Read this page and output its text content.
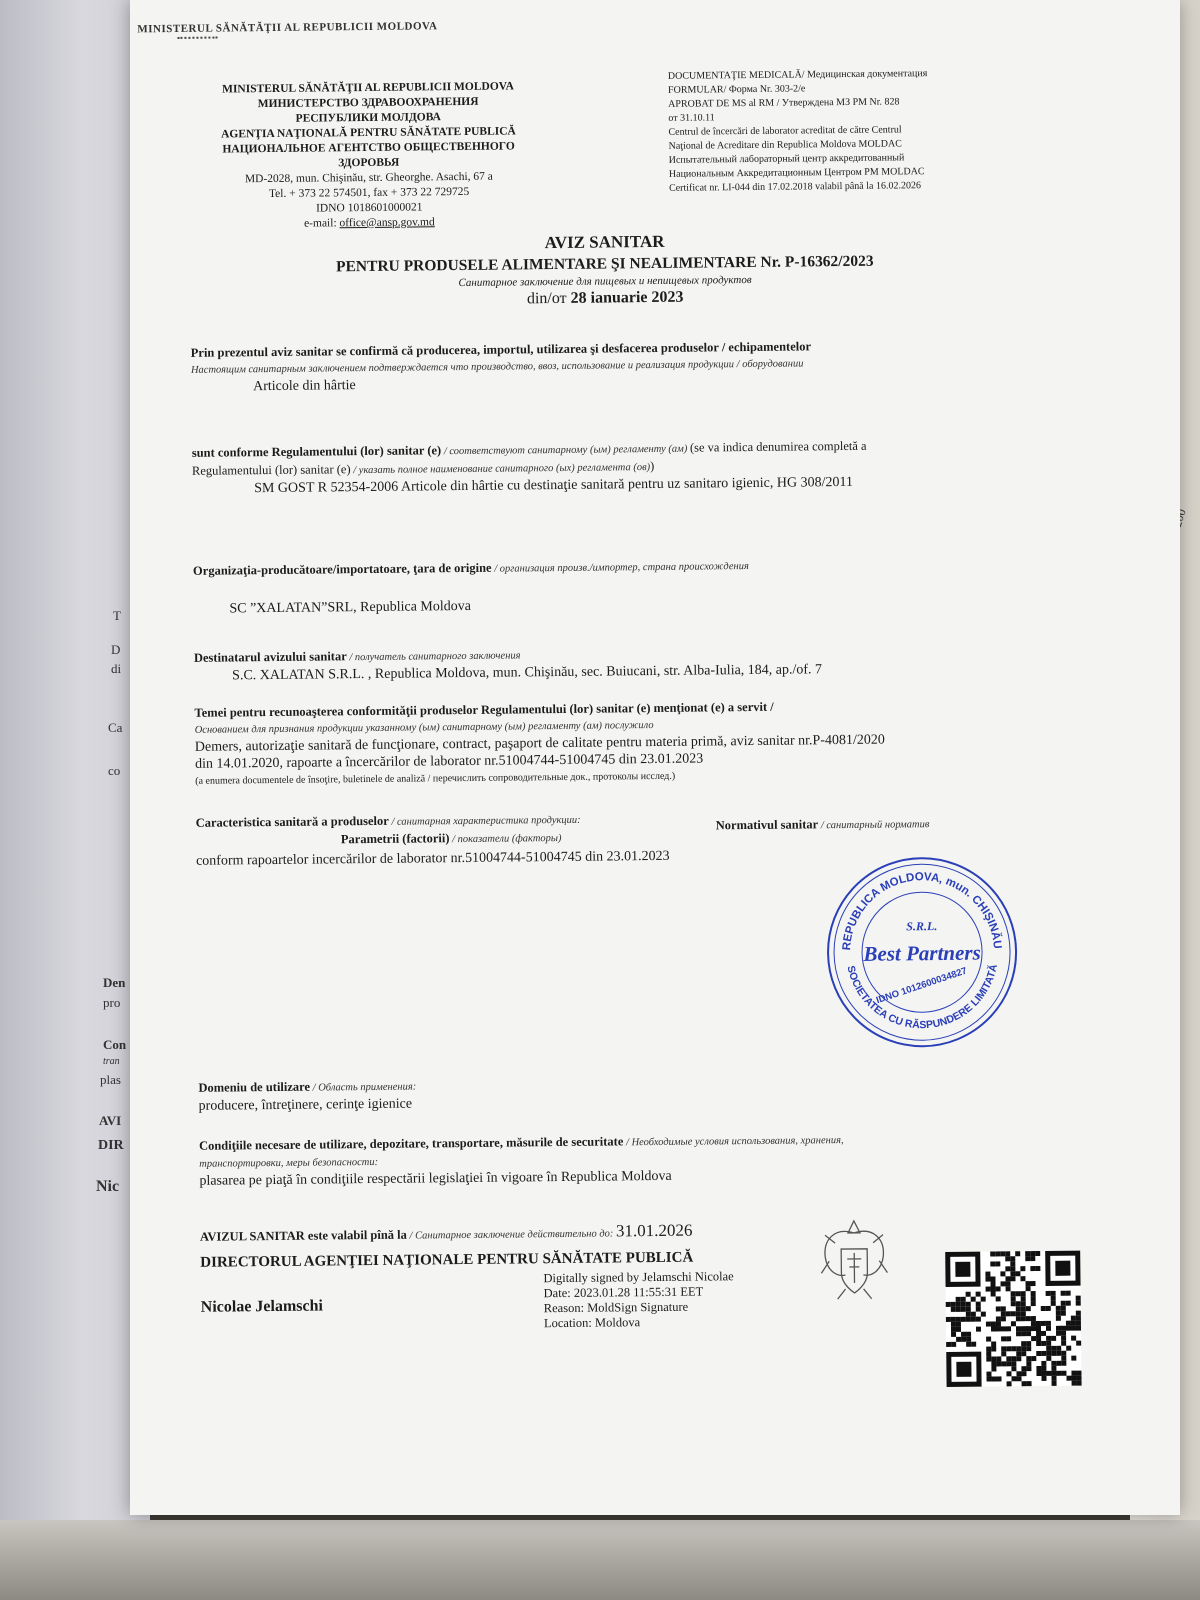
Den
pro
Con
tran
plas
AVI
DIR
Nic
T
D
di
Ca
co
MINISTERUL SĂNĂTĂŢII AL REPUBLICII MOLDOVA
MINISTERUL SĂNĂTĂŢII AL REPUBLICII MOLDOVA
МИНИСТЕРСТВО ЗДРАВООХРАНЕНИЯ
РЕСПУБЛИКИ МОЛДОВА
AGENŢIA NAŢIONALĂ PENTRU SĂNĂTATE PUBLICĂ
НАЦИОНАЛЬНОЕ АГЕНТСТВО ОБЩЕСТВЕННОГО
ЗДОРОВЬЯ
MD-2028, mun. Chişinău, str. Gheorghe. Asachi, 67 a
Tel. + 373 22 574501, fax + 373 22 729725
IDNO 1018601000021
e-mail: office@ansp.gov.md
DOCUMENTAŢIE MEDICALĂ/ Медицинская документация
FORMULAR/ Форма Nr. 303-2/e
APROBAT DE MS al RM / Утверждена МЗ РМ Nr. 828
от 31.10.11
Centrul de încercări de laborator acreditat de către Centrul
Naţional de Acreditare din Republica Moldova MOLDAC
Испытательный лабораторный центр аккредитованный
Национальным Аккредитационным Центром РМ MOLDAC
Certificat nr. LI-044 din 17.02.2018 valabil până la 16.02.2026
AVIZ SANITAR
PENTRU PRODUSELE ALIMENTARE ŞI NEALIMENTARE Nr. P-16362/2023
Санитарное заключение для пищевых и непищевых продуктов
din/от 28 ianuarie 2023
Prin prezentul aviz sanitar se confirmă că producerea, importul, utilizarea şi desfacerea produselor / echipamentelor
Настоящим санитарным заключением подтверждается что производство, ввоз, использование и реализация продукции / оборудовании
Articole din hârtie
sunt conforme Regulamentului (lor) sanitar (e) / соответствуют санитарному (ым) регламенту (ам) (se va indica denumirea completă a
Regulamentului (lor) sanitar (e) / указать полное наименование санитарного (ых) регламента (ов))
SM GOST R 52354-2006 Articole din hârtie cu destinaţie sanitară pentru uz sanitaro igienic, HG 308/2011
Organizaţia-producătoare/importatoare, ţara de origine / организация произв./импортер, страна происхождения
SC ˮXALATANˮSRL, Republica Moldova
Destinatarul avizului sanitar / получатель санитарного заключения
S.C. XALATAN S.R.L. , Republica Moldova, mun. Chişinău, sec. Buiucani, str. Alba-Iulia, 184, ap./of. 7
Temei pentru recunoaşterea conformităţii produselor Regulamentului (lor) sanitar (e) menţionat (e) a servit /
Основанием для признания продукции указанному (ым) санитарному (ым) регламенту (ам) послужило
Demers, autorizaţie sanitară de funcţionare, contract, paşaport de calitate pentru materia primă, aviz sanitar nr.P-4081/2020
din 14.01.2020, rapoarte a încercărilor de laborator nr.51004744-51004745 din 23.01.2023
(a enumera documentele de însoţire, buletinele de analiză / перечислить сопроводительные док., протоколы исслед.)
Caracteristica sanitară a produselor / санитарная характеристика продукции:
Parametrii (factorii) / показатели (факторы)
Normativul sanitar / санитарный норматив
conform rapoartelor incercărilor de laborator nr.51004744-51004745 din 23.01.2023
Domeniu de utilizare / Область применения:
producere, întreţinere, cerinţe igienice
Condiţiile necesare de utilizare, depozitare, transportare, măsurile de securitate / Необходимые условия использования, хранения,
транспортировки, меры безопасности:
plasarea pe piaţă în condiţiile respectării legislaţiei în vigoare în Republica Moldova
AVIZUL SANITAR este valabil pînă la / Санитарное заключение действительно до: 31.01.2026
DIRECTORUL AGENŢIEI NAŢIONALE PENTRU SĂNĂTATE PUBLICĂ
Nicolae Jelamschi
Digitally signed by Jelamschi Nicolae
Date: 2023.01.28 11:55:31 EET
Reason: MoldSign Signature
Location: Moldova
REPUBLICA MOLDOVA, mun. CHIŞINĂU
SOCIETATEA CU RĂSPUNDERE LIMITATĂ
S.R.L.
Best Partners
IDNO 1012600034827
